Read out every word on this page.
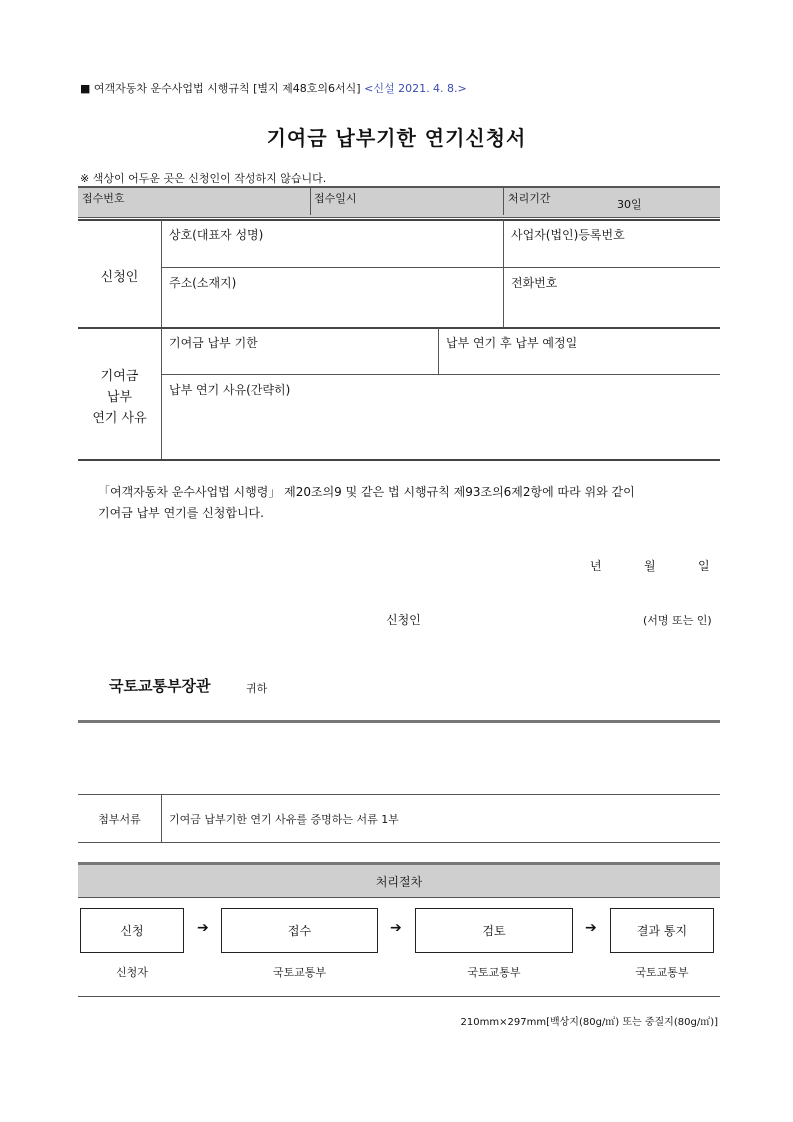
■ 여객자동차 운수사업법 시행규칙 [별지 제48호의6서식] <신설 2021. 4. 8.>
기여금 납부기한 연기신청서
※ 색상이 어두운 곳은 신청인이 작성하지 않습니다.
접수번호	접수일시	처리기간	30일
신청인
상호(대표자 성명)	사업자(법인)등록번호
주소(소재지)	전화번호
기여금
납부
연기 사유
기여금 납부 기한	납부 연기 후 납부 예정일
납부 연기 사유(간략히)
「여객자동차 운수사업법 시행령」 제20조의9 및 같은 법 시행규칙 제93조의6제2항에 따라 위와 같이
기여금 납부 연기를 신청합니다.
년	월	일
신청인	(서명 또는 인)
국토교통부장관	귀하
첨부서류	기여금 납부기한 연기 사유를 증명하는 서류 1부
처리절차
신청	➔	접수	➔	검토	➔	결과 통지
신청자	국토교통부	국토교통부	국토교통부
210mm×297mm[백상지(80g/㎡) 또는 중질지(80g/㎡)]
